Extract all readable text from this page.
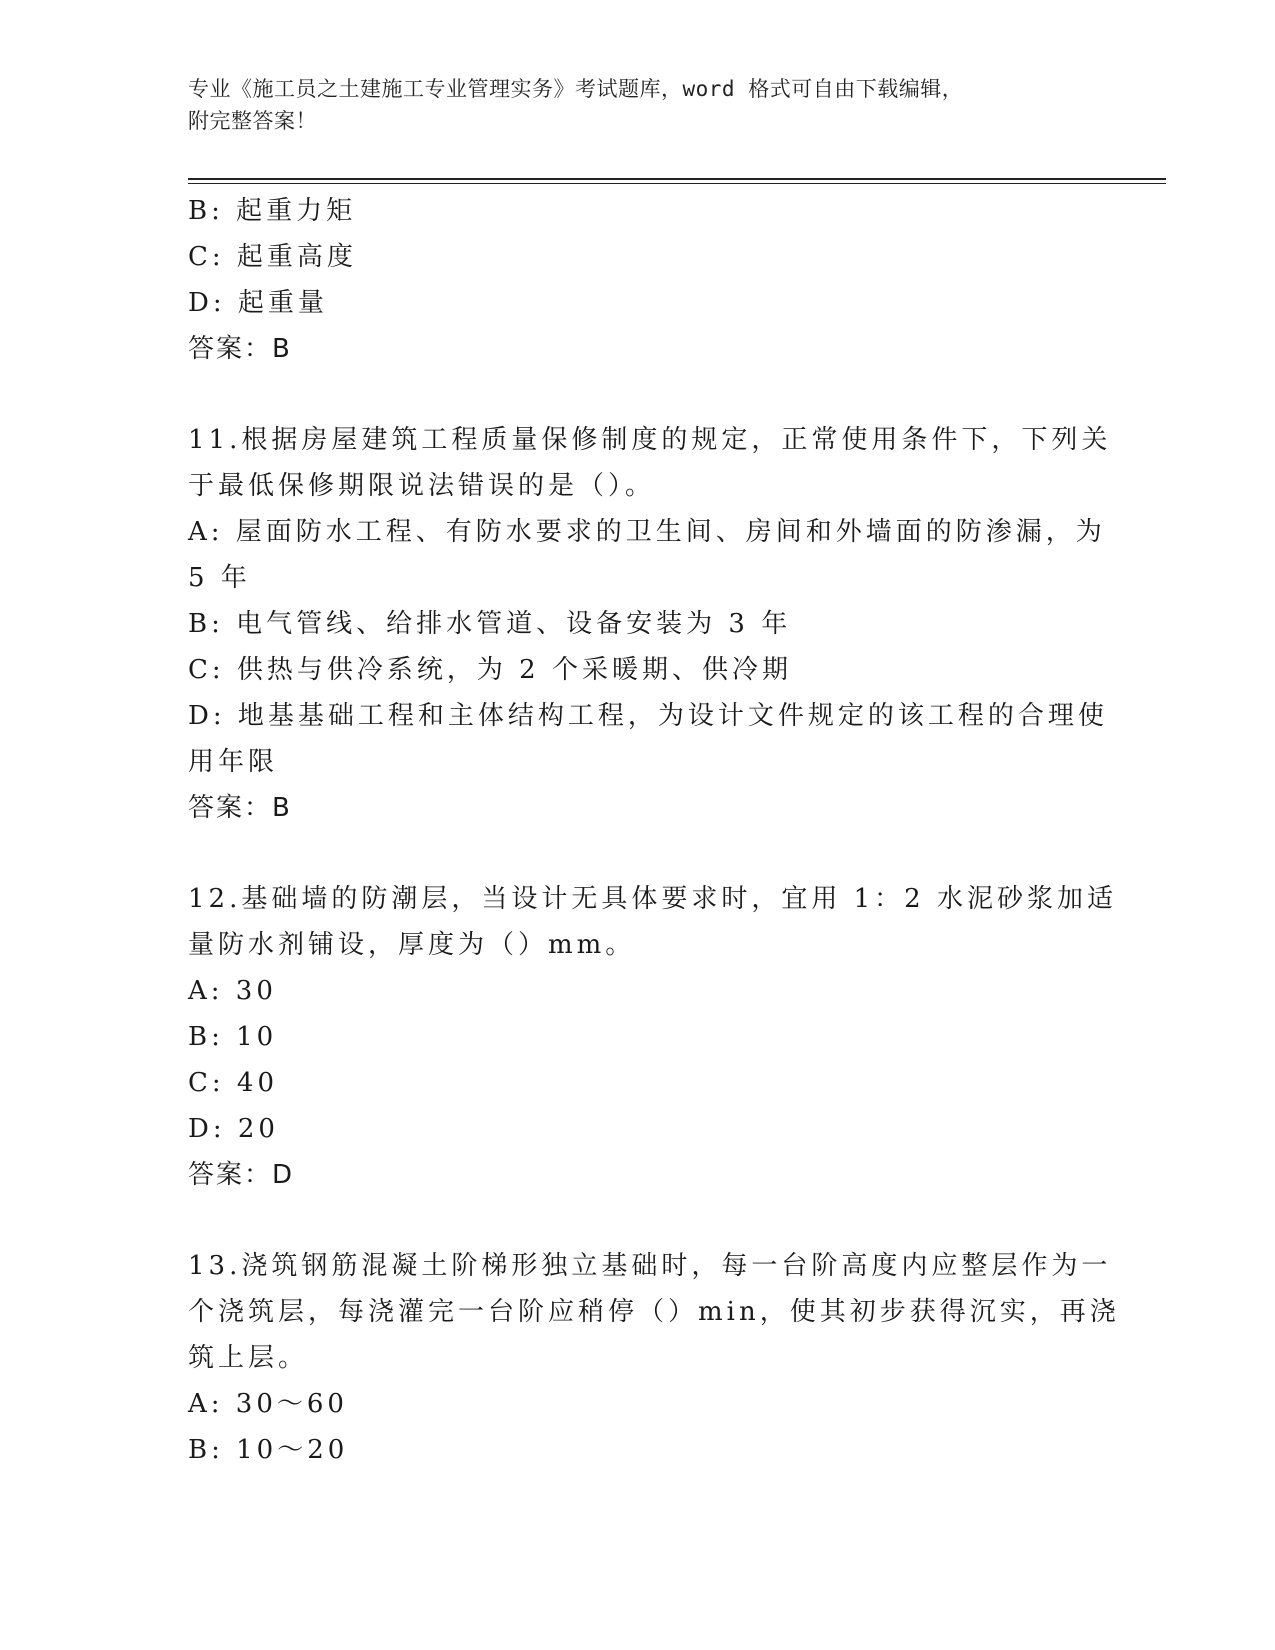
专业《施工员之土建施工专业管理实务》考试题库，word 格式可自由下载编辑，
附完整答案！
B: 起重力矩
C: 起重高度
D: 起重量
答案：B
11.根据房屋建筑工程质量保修制度的规定，正常使用条件下，下列关
于最低保修期限说法错误的是（）。
A: 屋面防水工程、有防水要求的卫生间、房间和外墙面的防渗漏，为
5 年
B: 电气管线、给排水管道、设备安装为 3 年
C: 供热与供冷系统，为 2 个采暖期、供冷期
D: 地基基础工程和主体结构工程，为设计文件规定的该工程的合理使
用年限
答案：B
12.基础墙的防潮层，当设计无具体要求时，宜用 1：2 水泥砂浆加适
量防水剂铺设，厚度为（）mm。
A: 30
B: 10
C: 40
D: 20
答案：D
13.浇筑钢筋混凝土阶梯形独立基础时，每一台阶高度内应整层作为一
个浇筑层，每浇灌完一台阶应稍停（）min，使其初步获得沉实，再浇
筑上层。
A: 30～60
B: 10～20
